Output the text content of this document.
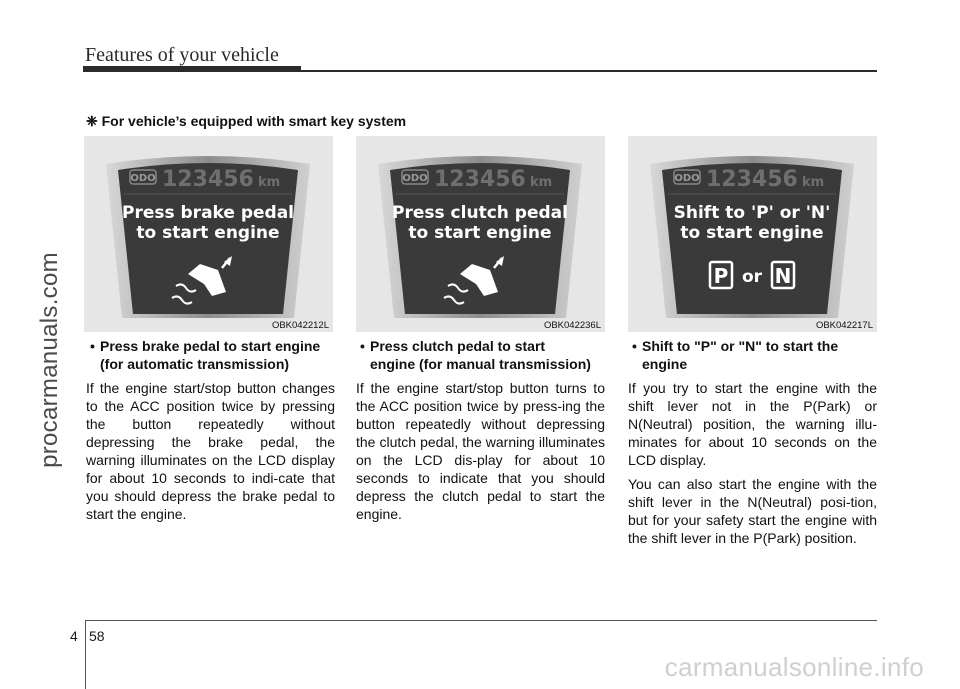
Features of your vehicle
procarmanuals.com
❈ For vehicle’s equipped with smart key system
ODO 123456 km
Press brake pedal
to start engine
OBK042212L
ODO 123456 km
Press clutch pedal
to start engine
OBK042236L
ODO 123456 km
Shift to 'P' or 'N'
to start engine
P or N
OBK042217L

• Press brake pedal to start engine
(for automatic transmission)

If the engine start/stop button changes to the ACC position twice by pressing the button repeatedly without depressing the brake pedal, the warning illuminates on the LCD display for about 10 seconds to indi-cate that you should depress the brake pedal to start the engine.

• Press clutch pedal to start
engine (for manual transmission)

If the engine start/stop button turns to the ACC position twice by press-ing the button repeatedly without depressing the clutch pedal, the warning illuminates on the LCD dis-play for about 10 seconds to indicate that you should depress the clutch pedal to start the engine.

• Shift to "P" or "N" to start the
engine

If you try to start the engine with the shift lever not in the P(Park) or N(Neutral) position, the warning illu-minates for about 10 seconds on the LCD display.

You can also start the engine with the shift lever in the N(Neutral) posi-tion, but for your safety start the engine with the shift lever in the P(Park) position.

4 58
carmanualsonline.info
